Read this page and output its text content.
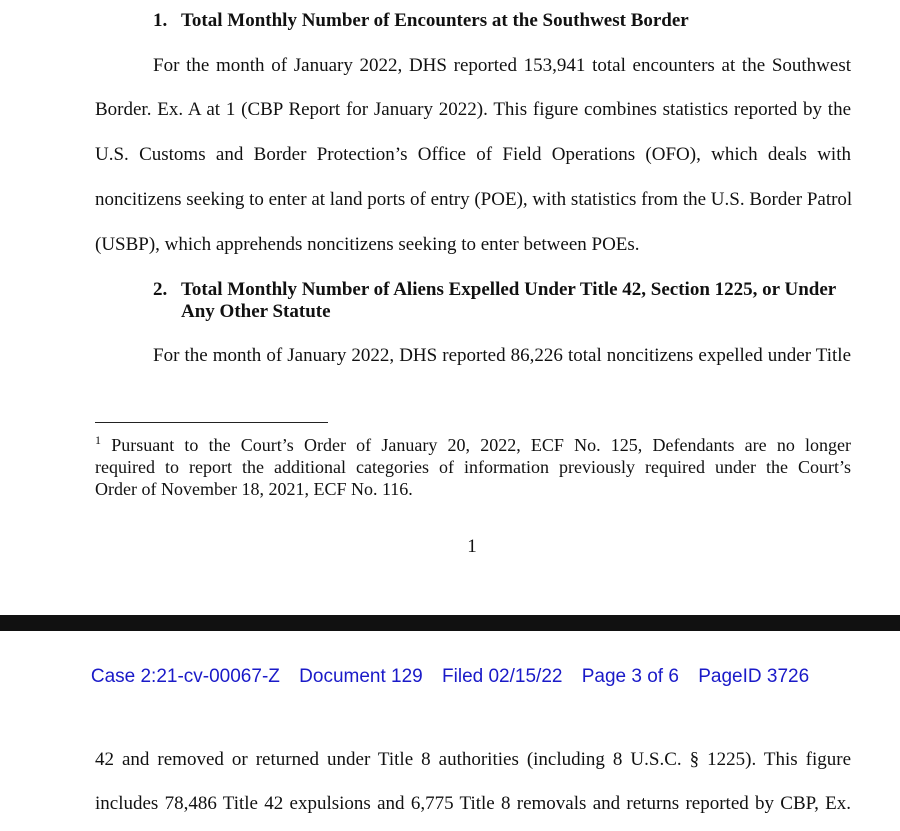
1. Total Monthly Number of Encounters at the Southwest Border
For the month of January 2022, DHS reported 153,941 total encounters at the Southwest
Border. Ex. A at 1 (CBP Report for January 2022). This figure combines statistics reported by the
U.S. Customs and Border Protection’s Office of Field Operations (OFO), which deals with
noncitizens seeking to enter at land ports of entry (POE), with statistics from the U.S. Border Patrol
(USBP), which apprehends noncitizens seeking to enter between POEs.
2. Total Monthly Number of Aliens Expelled Under Title 42, Section 1225, or Under
Any Other Statute
For the month of January 2022, DHS reported 86,226 total noncitizens expelled under Title
$^1$ Pursuant to the Court’s Order of January 20, 2022, ECF No. 125, Defendants are no longer
required to report the additional categories of information previously required under the Court’s
Order of November 18, 2021, ECF No. 116.
1
Case 2:21-cv-00067-Z Document 129 Filed 02/15/22 Page 3 of 6 PageID 3726
42 and removed or returned under Title 8 authorities (including 8 U.S.C. § 1225). This figure
includes 78,486 Title 42 expulsions and 6,775 Title 8 removals and returns reported by CBP, Ex.
